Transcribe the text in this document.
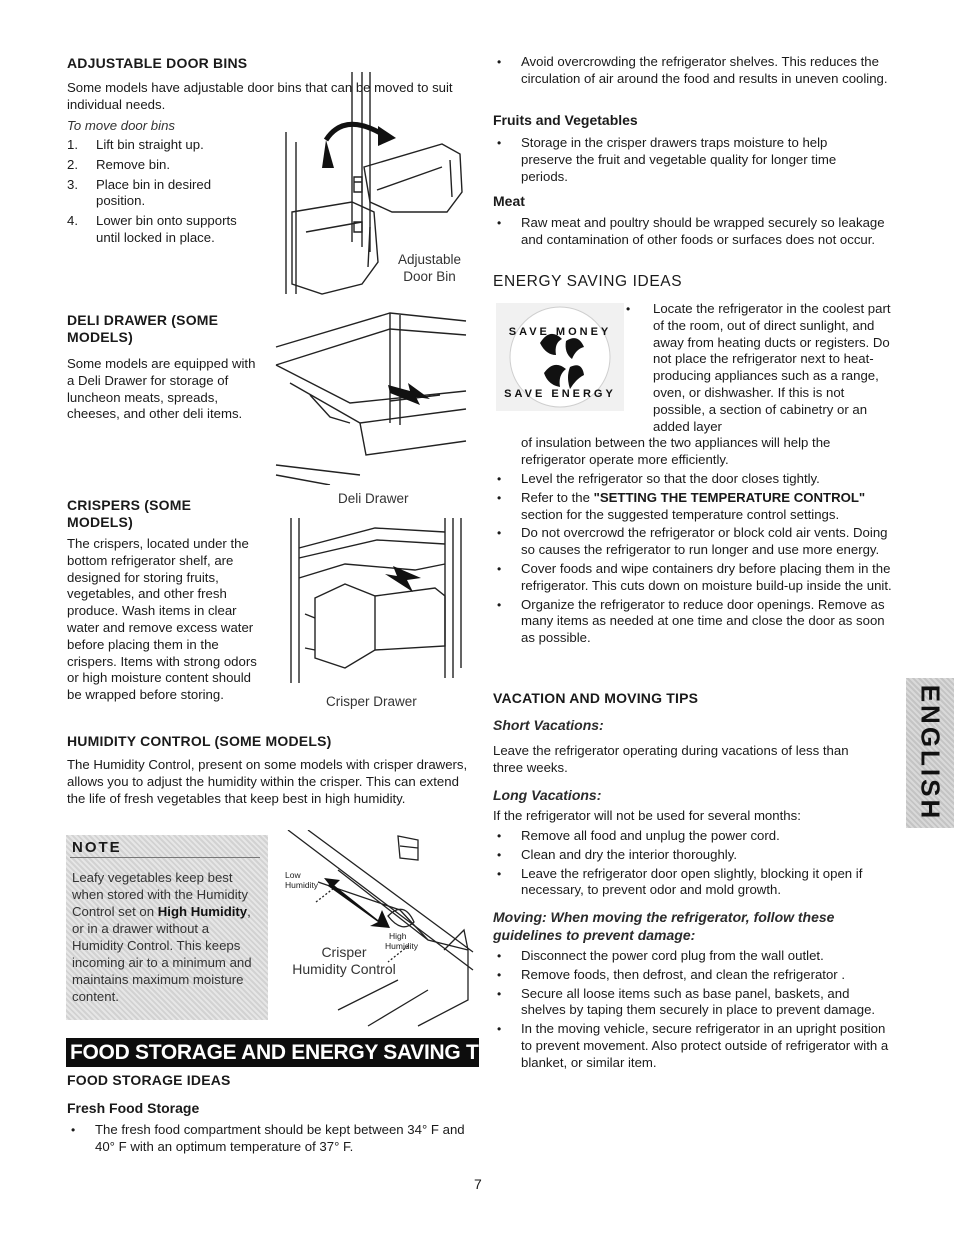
ADJUSTABLE DOOR BINS

Some models have adjustable door bins that can be moved to suit individual needs.

To move door bins

1.	Lift bin straight up.
2.	Remove bin.
3.	Place bin in desired position.
4.	Lower bin onto supports until locked in place.
Adjustable
Door Bin
DELI DRAWER (SOME
MODELS)

Some models are equipped with a Deli Drawer for storage of luncheon meats, spreads, cheeses, and other deli items.

Deli Drawer
CRISPERS (SOME
MODELS)

The crispers, located under the bottom refrigerator shelf, are designed for storing fruits, vegetables, and other fresh produce. Wash items in clear water and remove excess water before placing them in the crispers. Items with strong odors or high moisture content should be wrapped before storing.	Crisper Drawer
HUMIDITY CONTROL (SOME MODELS)

The Humidity Control, present on some models with crisper drawers, allows you to adjust the humidity within the crisper. This can extend the life of fresh vegetables that keep best in high humidity.

NOTE
Leafy vegetables keep best when stored with the Humidity Control set on High Humidity, or in a drawer without a Humidity Control. This keeps incoming air to a minimum and maintains maximum moisture content.
Low
Humidity
High
Humidity
Crisper
Humidity Control
FOOD STORAGE AND ENERGY SAVING TIPS
FOOD STORAGE IDEAS
Fresh Food Storage
• The fresh food compartment should be kept between 34° F and 40° F with an optimum temperature of 37° F.
• Avoid overcrowding the refrigerator shelves. This reduces the circulation of air around the food and results in uneven cooling.
Fruits and Vegetables
• Storage in the crisper drawers traps moisture to help preserve the fruit and vegetable quality for longer time periods.
Meat
• Raw meat and poultry should be wrapped securely so leakage and contamination of other foods or surfaces does not occur.
ENERGY SAVING IDEAS
SAVE MONEY
SAVE ENERGY

• Locate the refrigerator in the coolest part of the room, out of direct sunlight, and away from heating ducts or registers. Do not place the refrigerator next to heat-producing appliances such as a range, oven, or dishwasher. If this is not possible, a section of cabinetry or an added layer

of insulation between the two appliances will help the refrigerator operate more efficiently.

• Level the refrigerator so that the door closes tightly.
• Refer to the "SETTING THE TEMPERATURE CONTROL" section for the suggested temperature control settings.
• Do not overcrowd the refrigerator or block cold air vents. Doing so causes the refrigerator to run longer and use more energy.
• Cover foods and wipe containers dry before placing them in the refrigerator. This cuts down on moisture build-up inside the unit.
• Organize the refrigerator to reduce door openings. Remove as many items as needed at one time and close the door as soon as possible.
VACATION AND MOVING TIPS
Short Vacations:

Leave the refrigerator operating during vacations of less than three weeks.

Long Vacations:

If the refrigerator will not be used for several months:

• Remove all food and unplug the power cord.
• Clean and dry the interior thoroughly.
• Leave the refrigerator door open slightly, blocking it open if necessary, to prevent odor and mold growth.
Moving: When moving the refrigerator, follow these guidelines to prevent damage:
• Disconnect the power cord plug from the wall outlet.
• Remove foods, then defrost, and clean the refrigerator .
• Secure all loose items such as base panel, baskets, and shelves by taping them securely in place to prevent damage.
• In the moving vehicle, secure refrigerator in an upright position to prevent movement. Also protect outside of refrigerator with a blanket, or similar item.
ENGLISH
7
